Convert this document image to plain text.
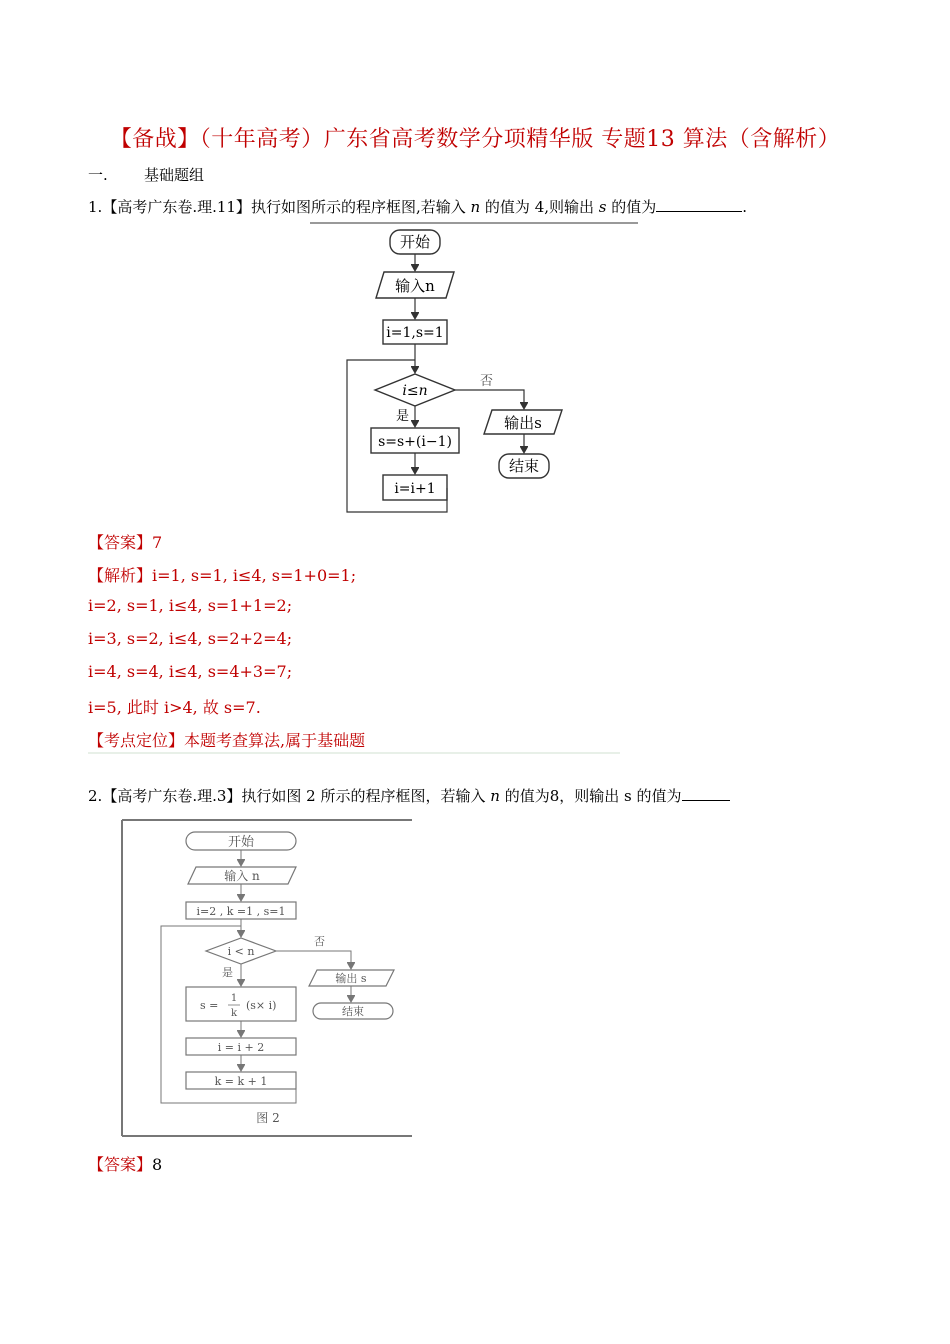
【备战】（十年高考）广东省高考数学分项精华版 专题13 算法（含解析）
一. 基础题组
1.【高考广东卷.理.11】执行如图所示的程序框图,若输入 n 的值为 4,则输出 s 的值为	.
开始
输入n
i=1,s=1
i≤n
否
输出s
结束
是
s=s+(i−1)
i=i+1
【答案】7
【解析】i=1, s=1, i≤4, s=1+0=1;
i=2, s=1, i≤4, s=1+1=2;
i=3, s=2, i≤4, s=2+2=4;
i=4, s=4, i≤4, s=4+3=7;
i=5, 此时 i>4, 故 s=7.
【考点定位】本题考查算法,属于基础题
2.【高考广东卷.理.3】执行如图 2 所示的程序框图，若输入 n 的值为8，则输出 s 的值为
开始
输入 n
i=2 , k =1 , s=1
i < n
否
输出 s
结束
是
s =
1
k
(s× i)
i = i + 2
k = k + 1
图 2
【答案】8
